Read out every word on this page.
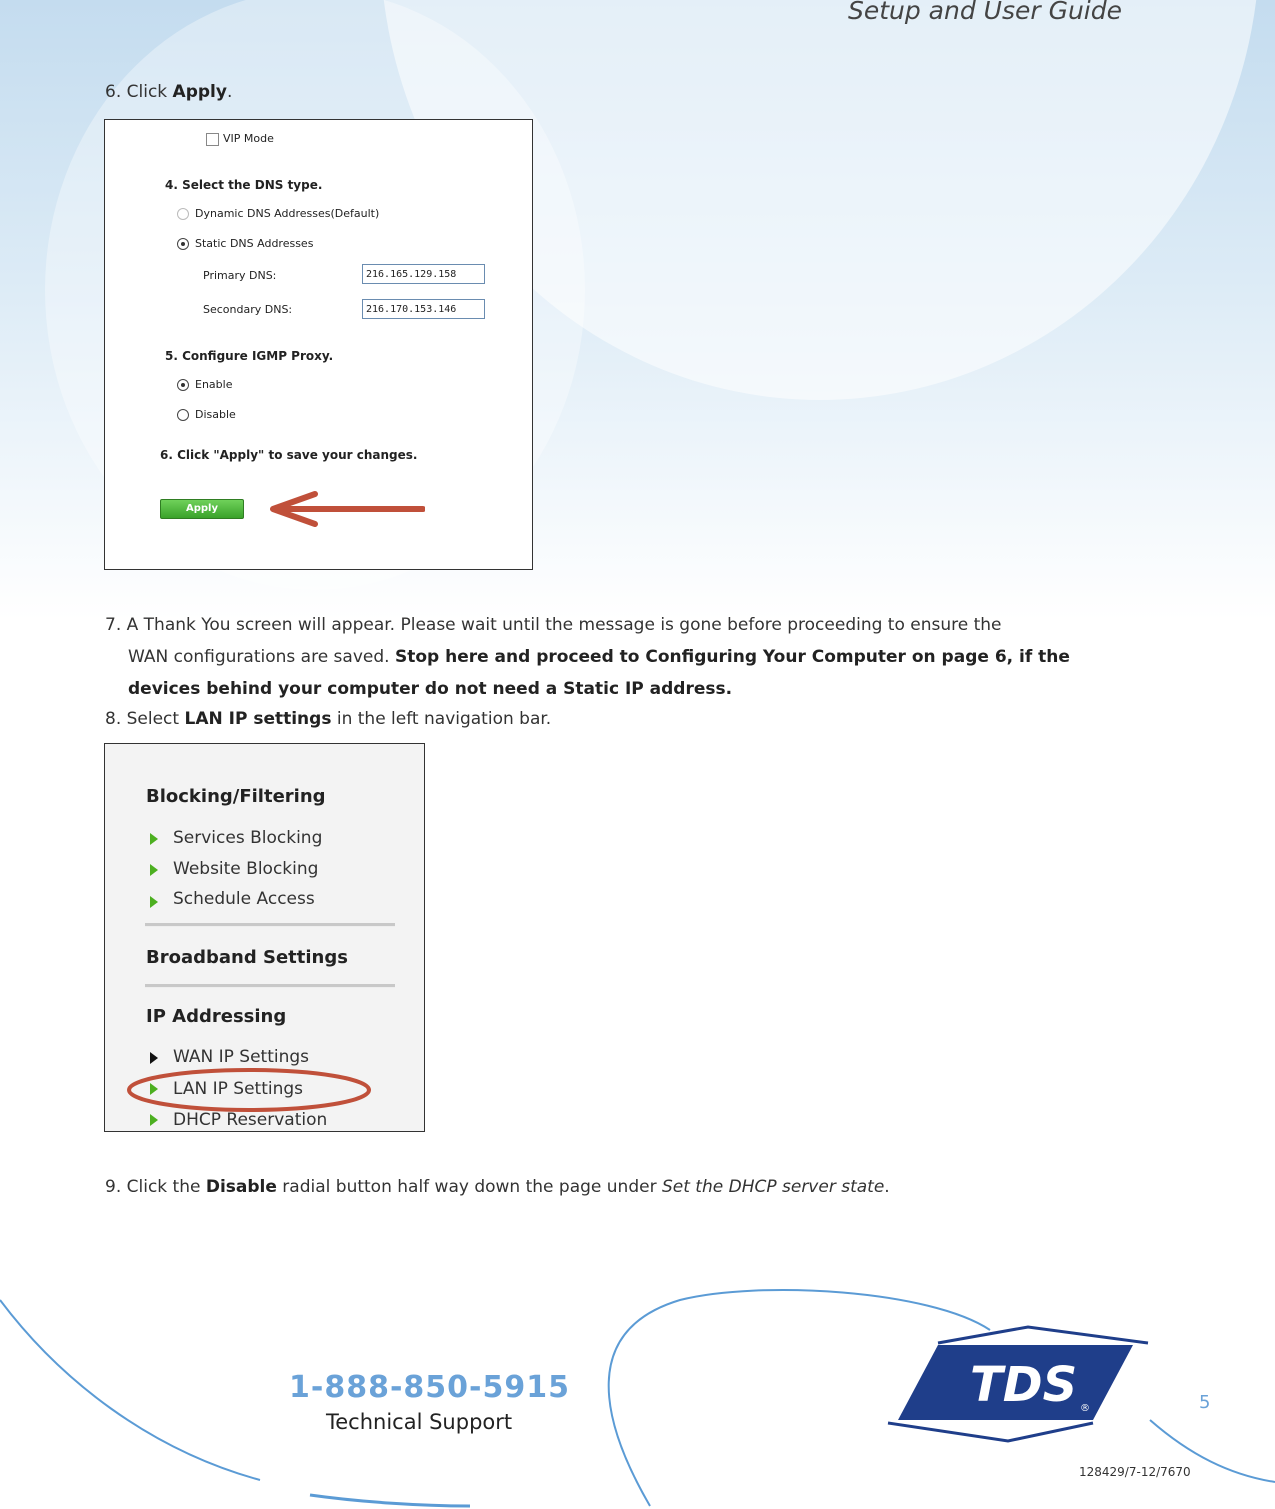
Setup and User Guide
6. Click Apply.
VIP Mode
4. Select the DNS type.
Dynamic DNS Addresses(Default)
Static DNS Addresses
Primary DNS:	216.165.129.158
Secondary DNS:	216.170.153.146
5. Configure IGMP Proxy.
Enable
Disable
6. Click "Apply" to save your changes.
Apply
7. A Thank You screen will appear. Please wait until the message is gone before proceeding to ensure the
WAN configurations are saved. Stop here and proceed to Configuring Your Computer on page 6, if the
devices behind your computer do not need a Static IP address.
8. Select LAN IP settings in the left navigation bar.
Blocking/Filtering
Services Blocking
Website Blocking
Schedule Access
Broadband Settings
IP Addressing
WAN IP Settings
LAN IP Settings
DHCP Reservation
9. Click the Disable radial button half way down the page under Set the DHCP server state.
1-888-850-5915
Technical Support
TDS ®	5
128429/7-12/7670
